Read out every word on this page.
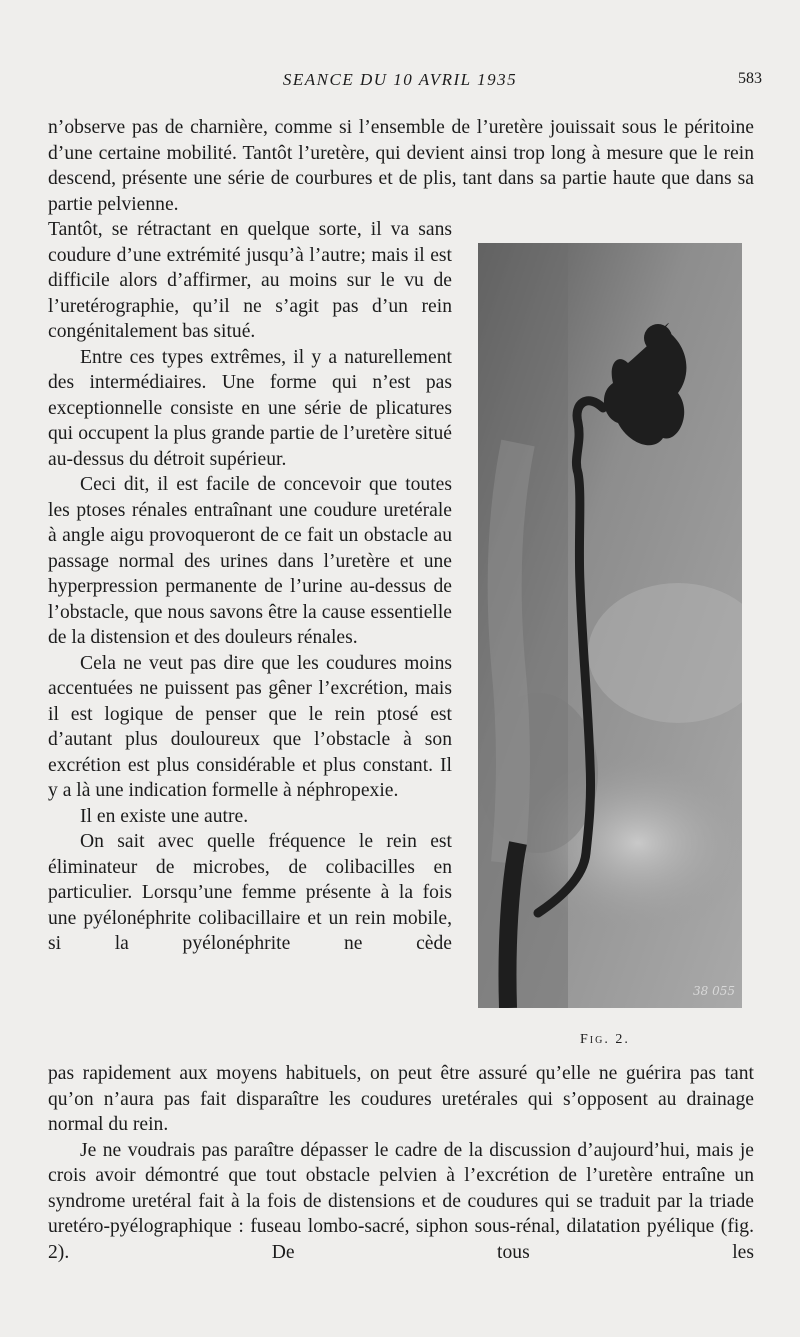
SEANCE DU 10 AVRIL 1935	583

n’observe pas de charnière, comme si l’ensemble de l’uretère jouissait sous le péritoine d’une certaine mobilité. Tantôt l’uretère, qui devient ainsi trop long à mesure que le rein descend, présente une série de courbures et de plis, tant dans sa partie haute que dans sa partie pelvienne.

Tantôt, se rétractant en quelque sorte, il va sans coudure d’une extrémité jusqu’à l’autre; mais il est difficile alors d’affirmer, au moins sur le vu de l’uretérographie, qu’il ne s’agit pas d’un rein congénitalement bas situé.

Entre ces types extrêmes, il y a naturellement des intermédiaires. Une forme qui n’est pas exceptionnelle consiste en une série de plicatures qui occupent la plus grande partie de l’uretère situé au-dessus du détroit supérieur.

Ceci dit, il est facile de concevoir que toutes les ptoses rénales entraînant une coudure uretérale à angle aigu provoqueront de ce fait un obstacle au passage normal des urines dans l’uretère et une hyperpression permanente de l’urine au-dessus de l’obstacle, que nous savons être la cause essentielle de la distension et des douleurs rénales.

Cela ne veut pas dire que les coudures moins accentuées ne puissent pas gêner l’excrétion, mais il est logique de penser que le rein ptosé est d’autant plus douloureux que l’obstacle à son excrétion est plus considérable et plus constant. Il y a là une indication formelle à néphropexie.

Il en existe une autre.

On sait avec quelle fréquence le rein est éliminateur de microbes, de colibacilles en particulier. Lorsqu’une femme présente à la fois une pyélonéphrite colibacillaire et un rein mobile, si la pyélonéphrite ne cède

38 055
Fig. 2.

pas rapidement aux moyens habituels, on peut être assuré qu’elle ne guérira pas tant qu’on n’aura pas fait disparaître les coudures uretérales qui s’opposent au drainage normal du rein.

Je ne voudrais pas paraître dépasser le cadre de la discussion d’aujourd’hui, mais je crois avoir démontré que tout obstacle pelvien à l’excrétion de l’uretère entraîne un syndrome uretéral fait à la fois de distensions et de coudures qui se traduit par la triade uretéro-pyélographique : fuseau lombo-sacré, siphon sous-rénal, dilatation pyélique (fig. 2). De tous les
